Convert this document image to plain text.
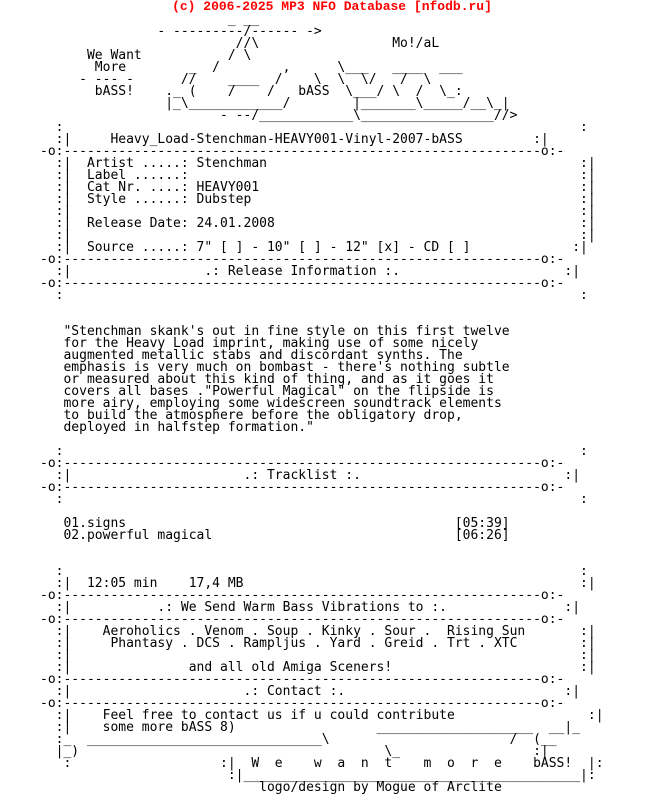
(c) 2006-2025 MP3 NFO Database [nfodb.ru]
_ __
- ---------/------ ->
//\                 Mo!/aL
We Want           / \
More        _  /        ,      \___   ____  ___
- --- -      //    ____  /    \  \  \/   /  \
bASS!    ._ (    /    /   bASS  \___/ \  /  \_:
|_\____________/        |_______\_____/__\_|
- --/____________\_________________//>
:                                                                  :
:|     Heavy_Load-Stenchman-HEAVY001-Vinyl-2007-bASS         :|
-o:-------------------------------------------------------------o:-
:|  Artist .....: Stenchman                                        :|
:|  Label ......:                                                  :|
:|  Cat Nr. ....: HEAVY001                                         :|
:|  Style ......: Dubstep                                          :|
:|                                                                 :|
:|  Release Date: 24.01.2008                                       :|
:|                                                                 :|
:|  Source .....: 7" [ ] - 10" [ ] - 12" [x] - CD [ ]             :|
-o:-------------------------------------------------------------o:-
:|                 .: Release Information :.                     :|
-o:-------------------------------------------------------------o:-
:                                                                  :

"Stenchman skank's out in fine style on this first twelve
for the Heavy Load imprint, making use of some nicely
augmented metallic stabs and discordant synths. The
emphasis is very much on bombast - there's nothing subtle
or measured about this kind of thing, and as it goes it
covers all bases ."Powerful Magical" on the flipside is
more airy, employing some widescreen soundtrack elements
to build the atmosphere before the obligatory drop,
deployed in halfstep formation."

:                                                                  :
-o:-------------------------------------------------------------o:-
:|                      .: Tracklist :.                          :|
-o:-------------------------------------------------------------o:-
:                                                                  :

01.signs                                          [05:39]
02.powerful magical                               [06:26]

:                                                                  :
:|  12:05 min    17,4 MB                                           :|
-o:-------------------------------------------------------------o:-
:|           .: We Send Warm Bass Vibrations to :.               :|
-o:-------------------------------------------------------------o:-
:|    Aeroholics . Venom . Soup . Kinky . Sour .  Rising Sun       :|
:|     Phantasy . DCS . Rampljus . Yard . Greid . Trt . XTC        :|
:|                                                                 :|
:|               and all old Amiga Sceners!                        :|
-o:-------------------------------------------------------------o:-
:|                      .: Contact :.                            :|
-o:-------------------------------------------------------------o:-
:|    Feel free to contact us if u could contribute                 :|
:|    some more bASS 8)                  ____________________  __|_
:_  ______________________________\                       /  (__
|_)                                       \_                 :|
:                   :|  W  e    w  a  n  t    m  o  r  e    bASS!  |:
:|___________________________________________|:
logo/design by Mogue of Arclite
